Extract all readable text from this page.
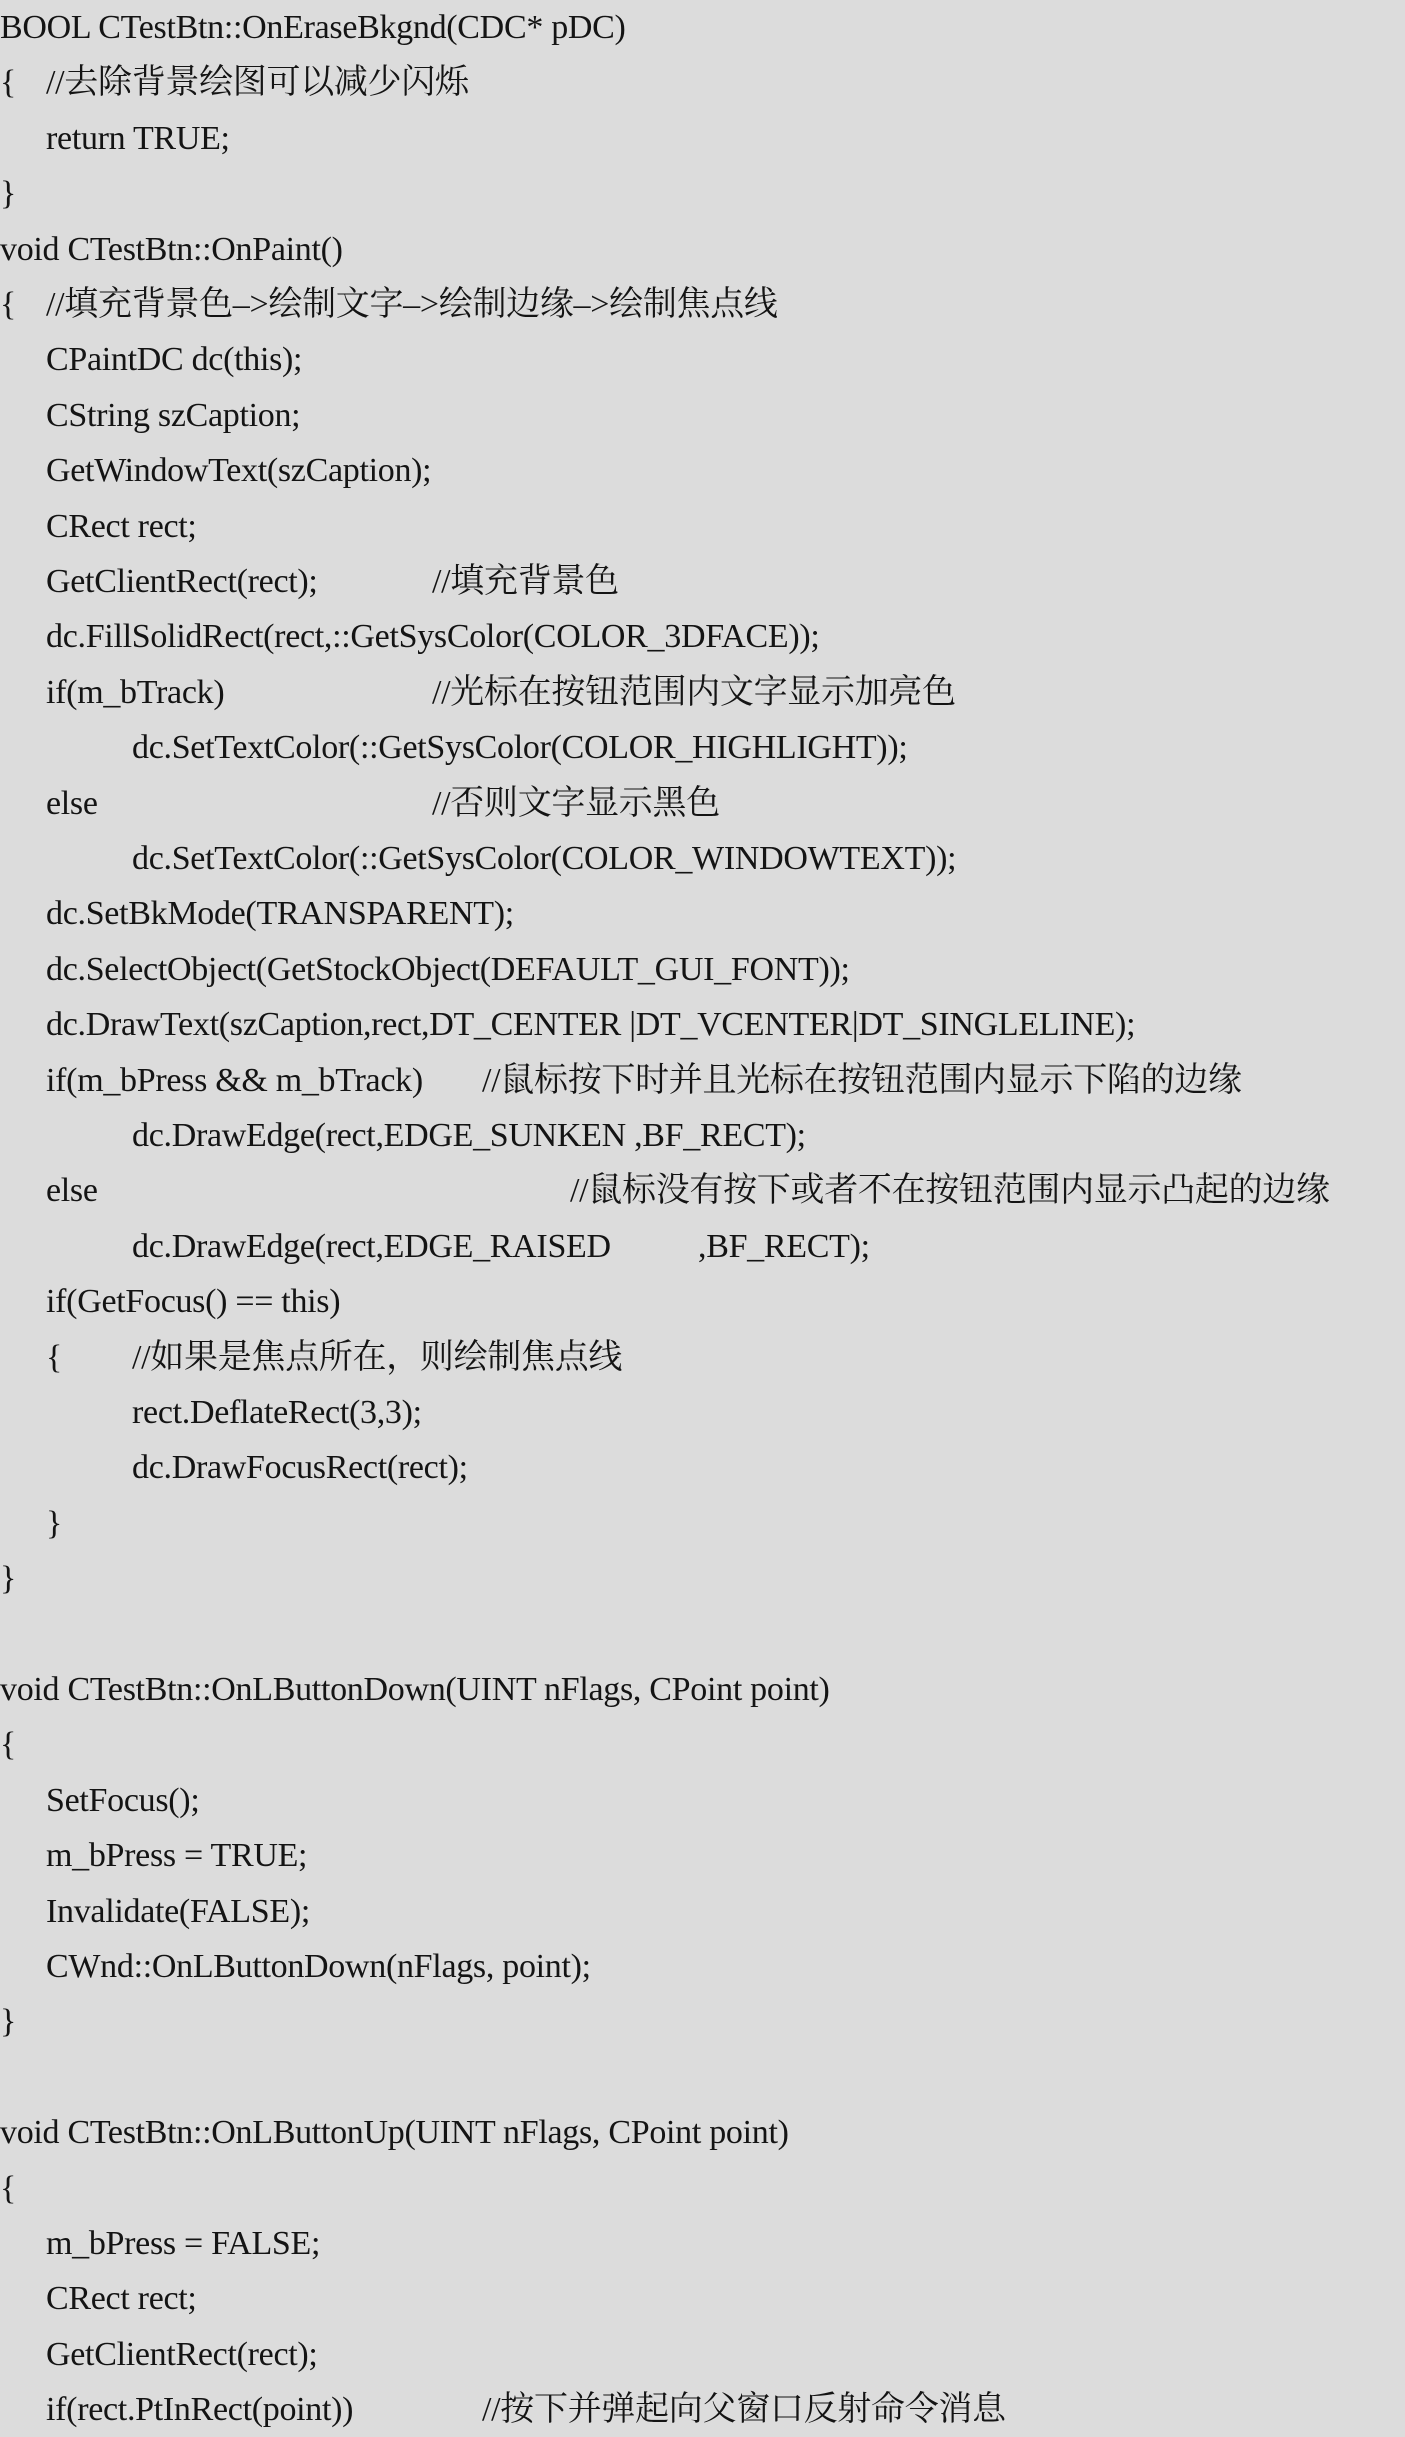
BOOL CTestBtn::OnEraseBkgnd(CDC* pDC)
{ //去除背景绘图可以减少闪烁
return TRUE;
}
void CTestBtn::OnPaint()
{ //填充背景色–>绘制文字–>绘制边缘–>绘制焦点线
CPaintDC dc(this);
CString szCaption;
GetWindowText(szCaption);
CRect rect;
GetClientRect(rect);	//填充背景色
dc.FillSolidRect(rect,::GetSysColor(COLOR_3DFACE));
if(m_bTrack)	//光标在按钮范围内文字显示加亮色
dc.SetTextColor(::GetSysColor(COLOR_HIGHLIGHT));
else	//否则文字显示黑色
dc.SetTextColor(::GetSysColor(COLOR_WINDOWTEXT));
dc.SetBkMode(TRANSPARENT);
dc.SelectObject(GetStockObject(DEFAULT_GUI_FONT));
dc.DrawText(szCaption,rect,DT_CENTER |DT_VCENTER|DT_SINGLELINE);
if(m_bPress && m_bTrack) //鼠标按下时并且光标在按钮范围内显示下陷的边缘
dc.DrawEdge(rect,EDGE_SUNKEN ,BF_RECT);
else	//鼠标没有按下或者不在按钮范围内显示凸起的边缘
dc.DrawEdge(rect,EDGE_RAISED	,BF_RECT);
if(GetFocus() == this)
{ //如果是焦点所在，则绘制焦点线
rect.DeflateRect(3,3);
dc.DrawFocusRect(rect);
}
}
void CTestBtn::OnLButtonDown(UINT nFlags, CPoint point)
{
SetFocus();
m_bPress = TRUE;
Invalidate(FALSE);
CWnd::OnLButtonDown(nFlags, point);
}
void CTestBtn::OnLButtonUp(UINT nFlags, CPoint point)
{
m_bPress = FALSE;
CRect rect;
GetClientRect(rect);
if(rect.PtInRect(point))	//按下并弹起向父窗口反射命令消息
